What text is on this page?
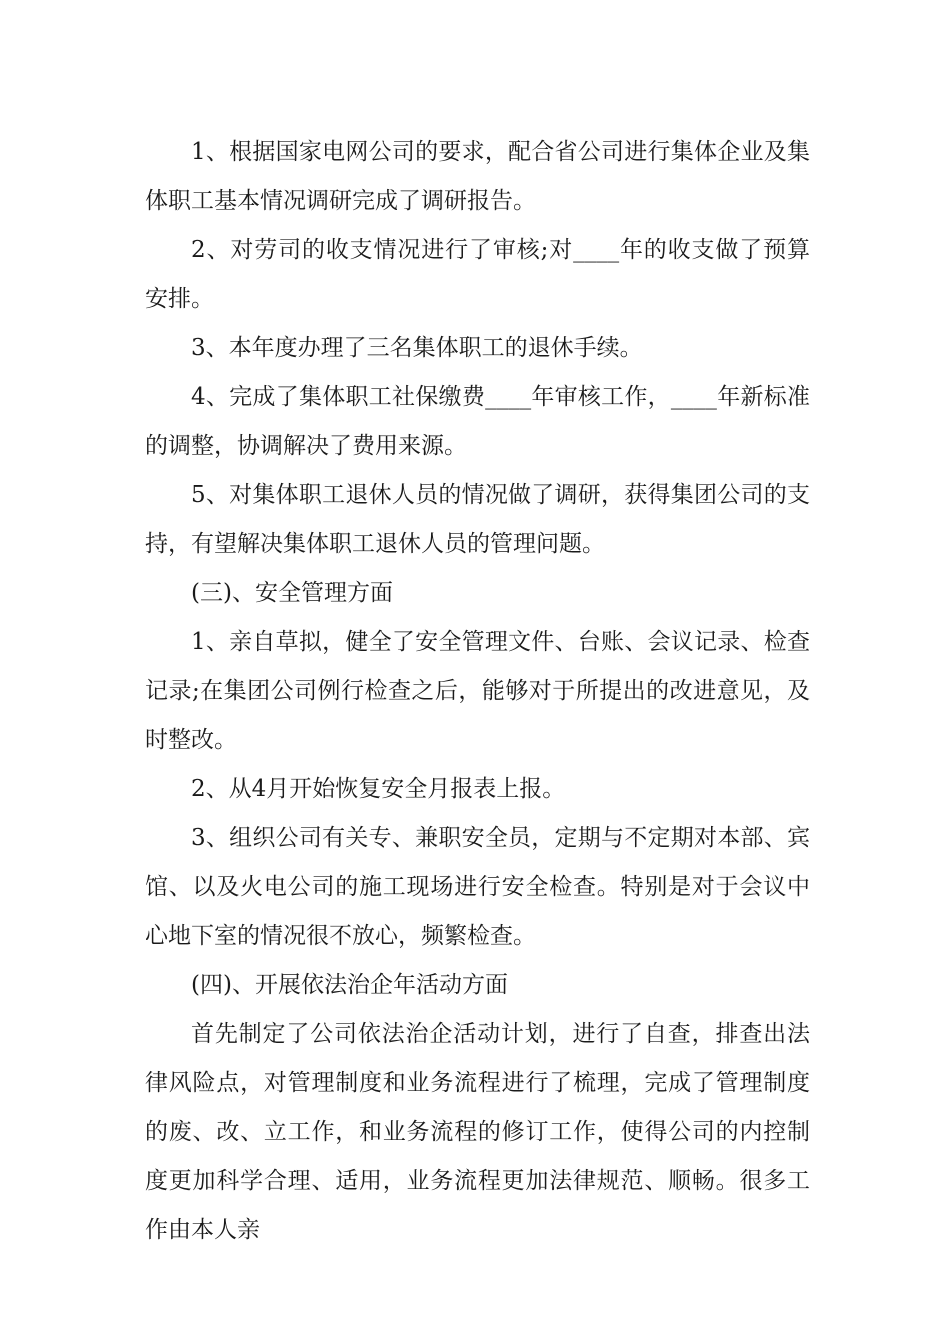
1、根据国家电网公司的要求，配合省公司进行集体企业及集体职工基本情况调研完成了调研报告。

2、对劳司的收支情况进行了审核;对____年的收支做了预算安排。

3、本年度办理了三名集体职工的退休手续。

4、完成了集体职工社保缴费____年审核工作，____年新标准的调整，协调解决了费用来源。

5、对集体职工退休人员的情况做了调研，获得集团公司的支持，有望解决集体职工退休人员的管理问题。

(三)、安全管理方面

1、亲自草拟，健全了安全管理文件、台账、会议记录、检查记录;在集团公司例行检查之后，能够对于所提出的改进意见，及时整改。

2、从4月开始恢复安全月报表上报。

3、组织公司有关专、兼职安全员，定期与不定期对本部、宾馆、以及火电公司的施工现场进行安全检查。特别是对于会议中心地下室的情况很不放心，频繁检查。

(四)、开展依法治企年活动方面

首先制定了公司依法治企活动计划，进行了自查，排查出法律风险点，对管理制度和业务流程进行了梳理，完成了管理制度的废、改、立工作，和业务流程的修订工作，使得公司的内控制度更加科学合理、适用，业务流程更加法律规范、顺畅。很多工作由本人亲
